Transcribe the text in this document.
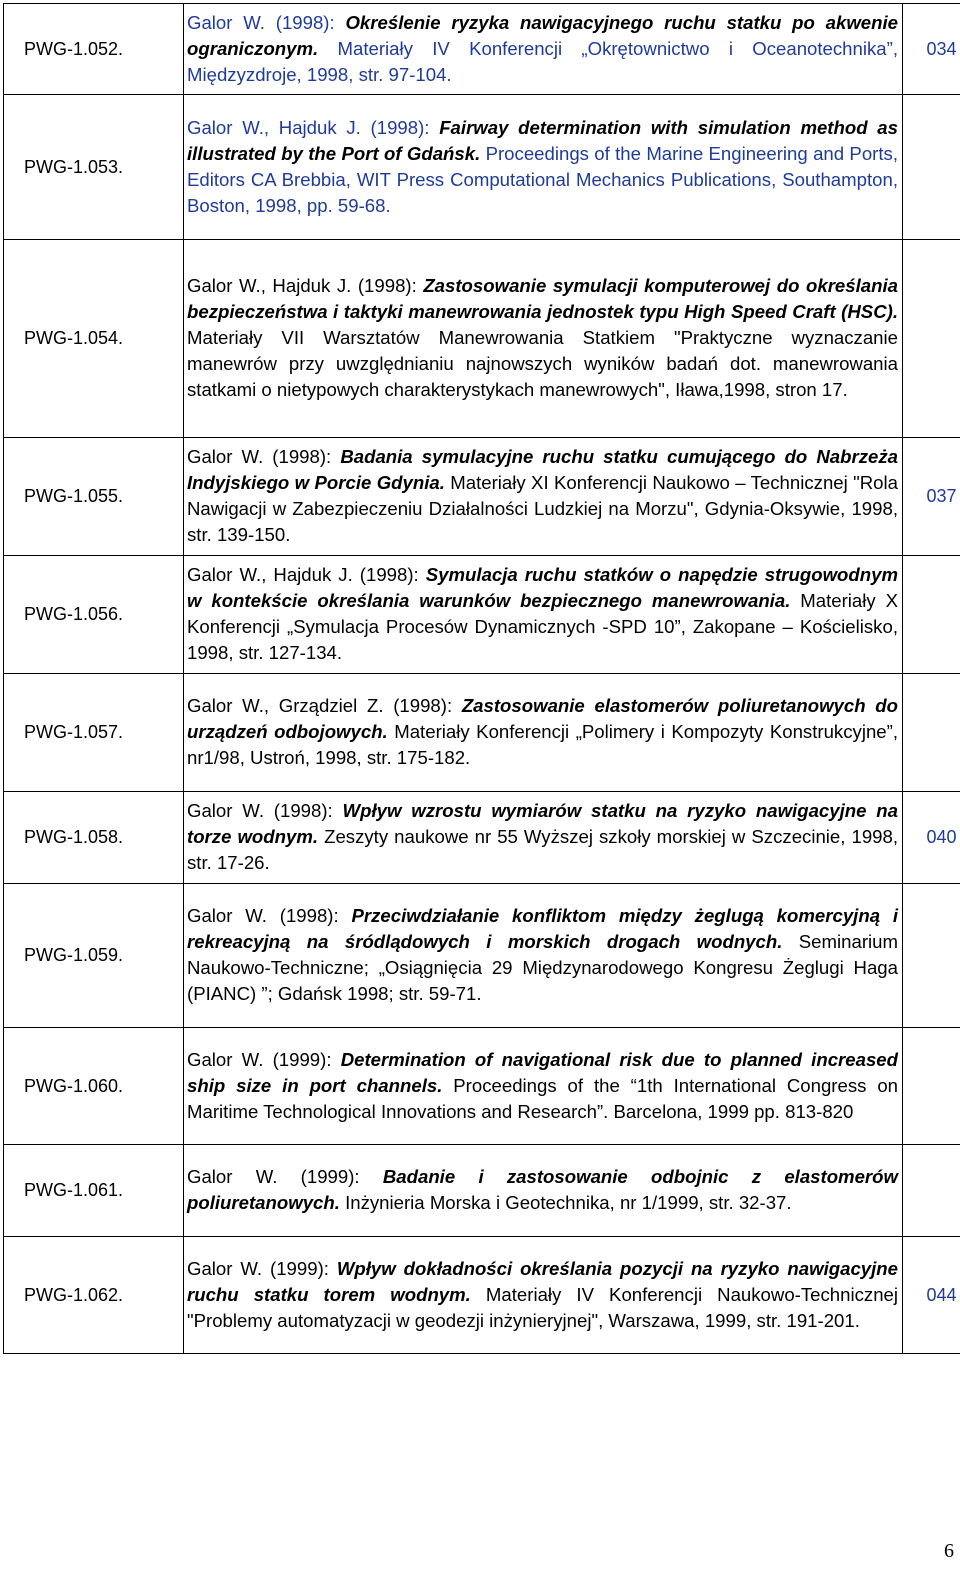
PWG-1.052.	Galor W. (1998): Określenie ryzyka nawigacyjnego ruchu statku po akwenie ograniczonym. Materiały IV Konferencji „Okrętownictwo i Oceanotechnika”, Międzyzdroje, 1998, str. 97-104.	034
PWG-1.053.	Galor W., Hajduk J. (1998): Fairway determination with simulation method as illustrated by the Port of Gdańsk. Proceedings of the Marine Engineering and Ports, Editors CA Brebbia, WIT Press Computational Mechanics Publications, Southampton, Boston, 1998, pp. 59-68.	
PWG-1.054.	Galor W., Hajduk J. (1998): Zastosowanie symulacji komputerowej do określania bezpieczeństwa i taktyki manewrowania jednostek typu High Speed Craft (HSC). Materiały VII Warsztatów Manewrowania Statkiem "Praktyczne wyznaczanie manewrów przy uwzględnianiu najnowszych wyników badań dot. manewrowania statkami o nietypowych charakterystykach manewrowych", Iława,1998, stron 17.	
PWG-1.055.	Galor W. (1998): Badania symulacyjne ruchu statku cumującego do Nabrzeża Indyjskiego w Porcie Gdynia. Materiały XI Konferencji Naukowo – Technicznej "Rola Nawigacji w Zabezpieczeniu Działalności Ludzkiej na Morzu", Gdynia-Oksywie, 1998, str. 139-150.	037
PWG-1.056.	Galor W., Hajduk J. (1998): Symulacja ruchu statków o napędzie strugowodnym w kontekście określania warunków bezpiecznego manewrowania. Materiały X Konferencji „Symulacja Procesów Dynamicznych -SPD 10”, Zakopane – Kościelisko, 1998, str. 127-134.	
PWG-1.057.	Galor W., Grządziel Z. (1998): Zastosowanie elastomerów poliuretanowych do urządzeń odbojowych. Materiały Konferencji „Polimery i Kompozyty Konstrukcyjne”, nr1/98, Ustroń, 1998, str. 175-182.	
PWG-1.058.	Galor W. (1998): Wpływ wzrostu wymiarów statku na ryzyko nawigacyjne na torze wodnym. Zeszyty naukowe nr 55 Wyższej szkoły morskiej w Szczecinie, 1998, str. 17-26.	040
PWG-1.059.	Galor W. (1998): Przeciwdziałanie konfliktom między żeglugą komercyjną i rekreacyjną na śródlądowych i morskich drogach wodnych. Seminarium Naukowo-Techniczne; „Osiągnięcia 29 Międzynarodowego Kongresu Żeglugi Haga (PIANC) ”; Gdańsk 1998; str. 59-71.	
PWG-1.060.	Galor W. (1999): Determination of navigational risk due to planned increased ship size in port channels. Proceedings of the “1th International Congress on Maritime Technological Innovations and Research”. Barcelona, 1999 pp. 813-820	
PWG-1.061.	Galor W. (1999): Badanie i zastosowanie odbojnic z elastomerów poliuretanowych. Inżynieria Morska i Geotechnika, nr 1/1999, str. 32-37.	
PWG-1.062.	Galor W. (1999): Wpływ dokładności określania pozycji na ryzyko nawigacyjne ruchu statku torem wodnym. Materiały IV Konferencji Naukowo-Technicznej "Problemy automatyzacji w geodezji inżynieryjnej", Warszawa, 1999, str. 191-201.	044
6
